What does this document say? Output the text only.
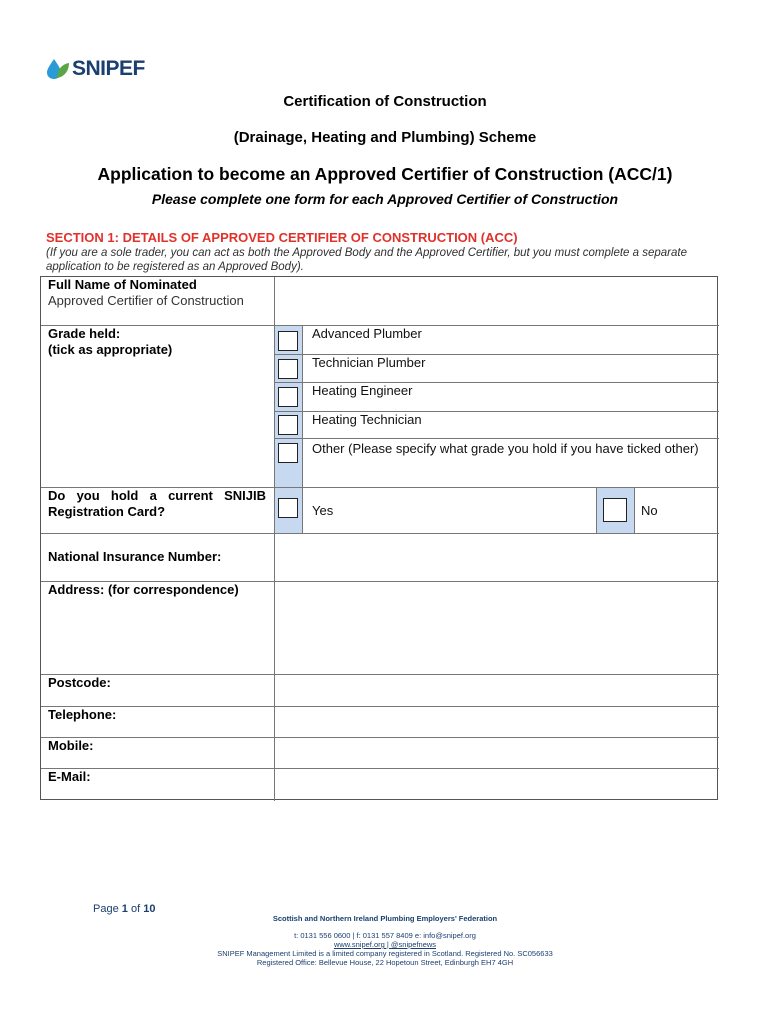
SNIPEF
Certification of Construction
(Drainage, Heating and Plumbing) Scheme
Application to become an Approved Certifier of Construction (ACC/1)
Please complete one form for each Approved Certifier of Construction
SECTION 1: DETAILS OF APPROVED CERTIFIER OF CONSTRUCTION (ACC)
(If you are a sole trader, you can act as both the Approved Body and the Approved Certifier, but you must complete a separate application to be registered as an Approved Body).
Full Name of Nominated
Approved Certifier of Construction
Grade held:
(tick as appropriate)
Advanced Plumber
Technician Plumber
Heating Engineer
Heating Technician
Other (Please specify what grade you hold if you have ticked other)
Do you hold a current SNIJIB Registration Card?	Yes	No
National Insurance Number:
Address: (for correspondence)
Postcode:
Telephone:
Mobile:
E-Mail:
Page 1 of 10
Scottish and Northern Ireland Plumbing Employers' Federation
t: 0131 556 0600 | f: 0131 557 8409 e: info@snipef.org
www.snipef.org | @snipefnews
SNIPEF Management Limited is a limited company registered in Scotland. Registered No. SC056633
Registered Office: Bellevue House, 22 Hopetoun Street, Edinburgh EH7 4GH
